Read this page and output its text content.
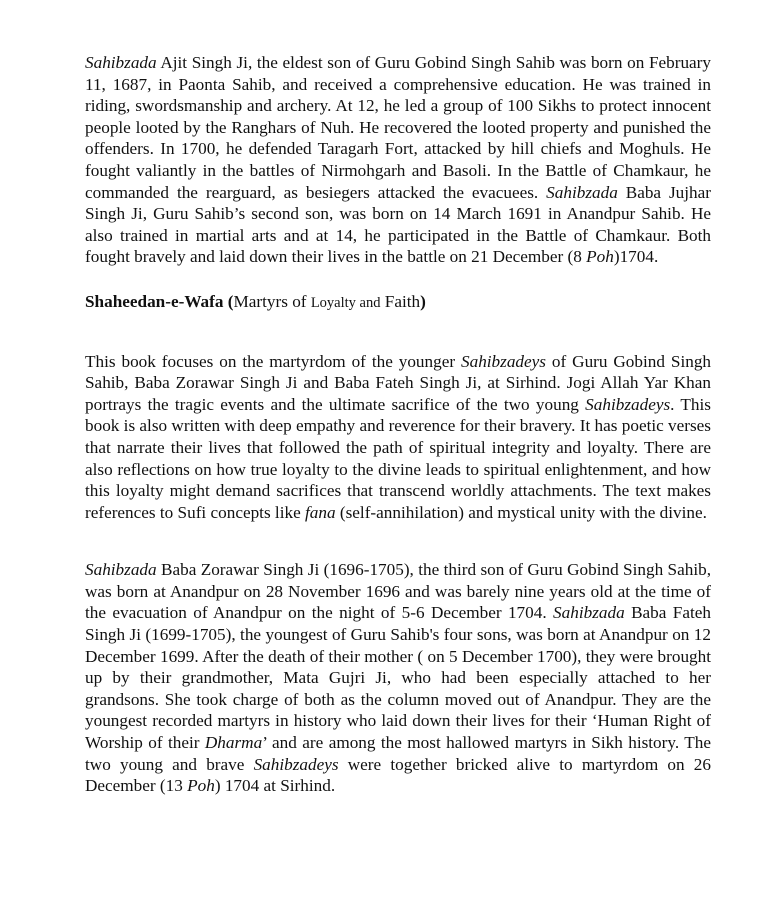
Sahibzada Ajit Singh Ji, the eldest son of Guru Gobind Singh Sahib was born on February 11, 1687, in Paonta Sahib, and received a comprehensive education. He was trained in riding, swordsmanship and archery. At 12, he led a group of 100 Sikhs to protect innocent people looted by the Ranghars of Nuh. He recovered the looted property and punished the offenders. In 1700, he defended Taragarh Fort, attacked by hill chiefs and Moghuls. He fought valiantly in the battles of Nirmohgarh and Basoli. In the Battle of Chamkaur, he commanded the rearguard, as besiegers attacked the evacuees. Sahibzada Baba Jujhar Singh Ji, Guru Sahib’s second son, was born on 14 March 1691 in Anandpur Sahib. He also trained in martial arts and at 14, he participated in the Battle of Chamkaur. Both fought bravely and laid down their lives in the battle on 21 December (8 Poh)1704.

Shaheedan-e-Wafa (Martyrs of Loyalty and Faith)

This book focuses on the martyrdom of the younger Sahibzadeys of Guru Gobind Singh Sahib, Baba Zorawar Singh Ji and Baba Fateh Singh Ji, at Sirhind. Jogi Allah Yar Khan portrays the tragic events and the ultimate sacrifice of the two young Sahibzadeys. This book is also written with deep empathy and reverence for their bravery. It has poetic verses that narrate their lives that followed the path of spiritual integrity and loyalty. There are also reflections on how true loyalty to the divine leads to spiritual enlightenment, and how this loyalty might demand sacrifices that transcend worldly attachments. The text makes references to Sufi concepts like fana (self-annihilation) and mystical unity with the divine.

Sahibzada Baba Zorawar Singh Ji (1696-1705), the third son of Guru Gobind Singh Sahib, was born at Anandpur on 28 November 1696 and was barely nine years old at the time of the evacuation of Anandpur on the night of 5-6 December 1704. Sahibzada Baba Fateh Singh Ji (1699-1705), the youngest of Guru Sahib's four sons, was born at Anandpur on 12 December 1699. After the death of their mother ( on 5 December 1700), they were brought up by their grandmother, Mata Gujri Ji, who had been especially attached to her grandsons. She took charge of both as the column moved out of Anandpur. They are the youngest recorded martyrs in history who laid down their lives for their ‘Human Right of Worship of their Dharma’ and are among the most hallowed martyrs in Sikh history. The two young and brave Sahibzadeys were together bricked alive to martyrdom on 26 December (13 Poh) 1704 at Sirhind.
